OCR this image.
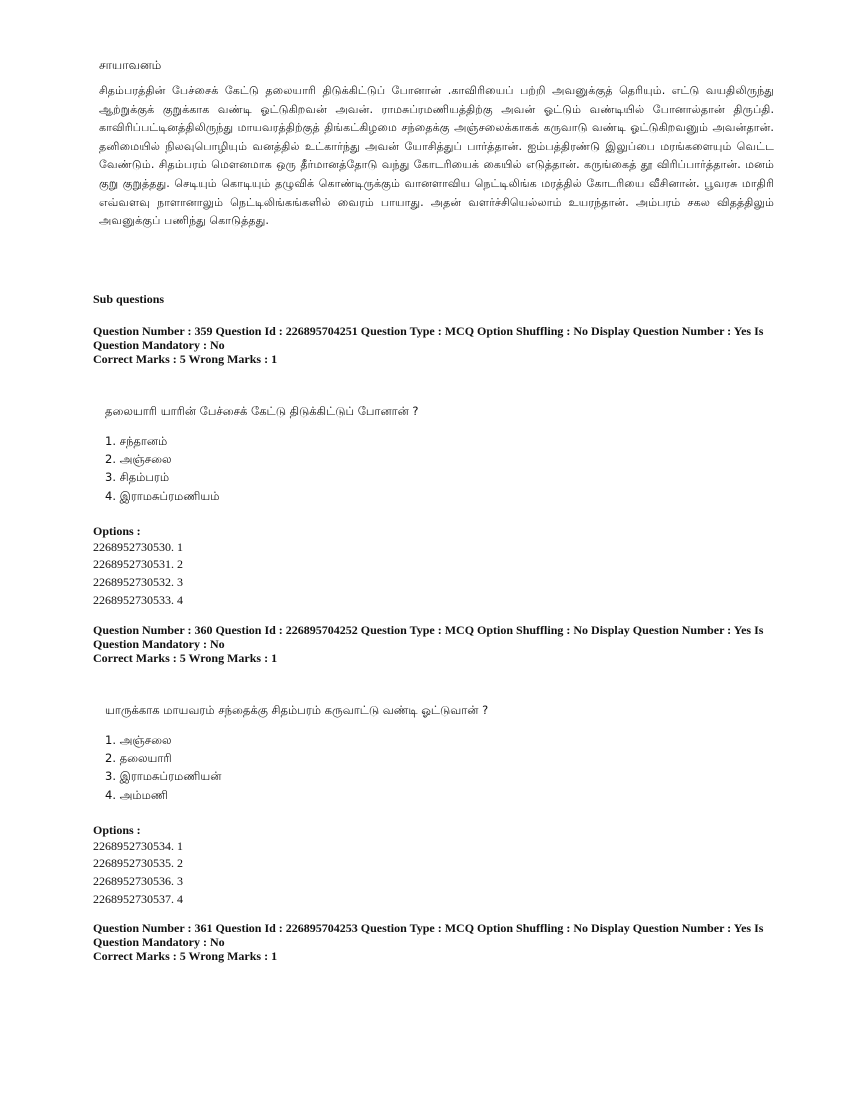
சாயாவனம்
சிதம்பரத்தின் பேச்சைக் கேட்டு தலையாரி திடுக்கிட்டுப் போனான் .காவிரியைப் பற்றி அவனுக்குத் தெரியும். எட்டு வயதிலிருந்து ஆற்றுக்குக் குறுக்காக வண்டி ஓட்டுகிறவன் அவன். ராமசுப்ரமணியத்திற்கு அவன் ஓட்டும் வண்டியில் போனால்தான் திருப்தி. காவிரிப்பட்டினத்திலிருந்து மாயவரத்திற்குத் திங்கட்கிழமை சந்தைக்கு அஞ்சலைக்காகக் கருவாடு வண்டி ஓட்டுகிறவனும் அவன்தான். தனிமையில் நிலவுபொழியும் வனத்தில் உட்கார்ந்து அவன் யோசித்துப் பார்த்தான். ஐம்பத்திரண்டு இலுப்பை மரங்களையும் வெட்ட வேண்டும். சிதம்பரம் மௌனமாக ஒரு தீர்மானத்தோடு வந்து கோடரியைக் கையில் எடுத்தான். கருங்கைத் தூ விரிப்பார்த்தான். மனம் குறு குறுத்தது. செடியும் கொடியும் தழுவிக் கொண்டிருக்கும் வானளாவிய நெட்டிலிங்க மரத்தில் கோடரியை வீசினான். பூவரசு மாதிரி எவ்வளவு நாளானாலும் நெட்டிலிங்கங்களில் வைரம் பாயாது. அதன் வளர்ச்சியெல்லாம் உயரந்தான். அம்பரம் சகல விதத்திலும் அவனுக்குப் பணிந்து கொடுத்தது.
Sub questions

Question Number : 359 Question Id : 226895704251 Question Type : MCQ Option Shuffling : No Display Question Number : Yes Is

Question Mandatory : No

Correct Marks : 5 Wrong Marks : 1

தலையாரி யாரின் பேச்சைக் கேட்டு திடுக்கிட்டுப் போனான் ?
1. சந்தானம்
2. அஞ்சலை
3. சிதம்பரம்
4. இராமசுப்ரமணியம்
Options :
2268952730530. 1
2268952730531. 2
2268952730532. 3
2268952730533. 4

Question Number : 360 Question Id : 226895704252 Question Type : MCQ Option Shuffling : No Display Question Number : Yes Is

Question Mandatory : No

Correct Marks : 5 Wrong Marks : 1

யாருக்காக மாயவரம் சந்தைக்கு சிதம்பரம் கருவாட்டு வண்டி ஓட்டுவான் ?
1. அஞ்சலை
2. தலையாரி
3. இராமசுப்ரமணியன்
4. அம்மணி
Options :
2268952730534. 1
2268952730535. 2
2268952730536. 3
2268952730537. 4

Question Number : 361 Question Id : 226895704253 Question Type : MCQ Option Shuffling : No Display Question Number : Yes Is

Question Mandatory : No

Correct Marks : 5 Wrong Marks : 1
